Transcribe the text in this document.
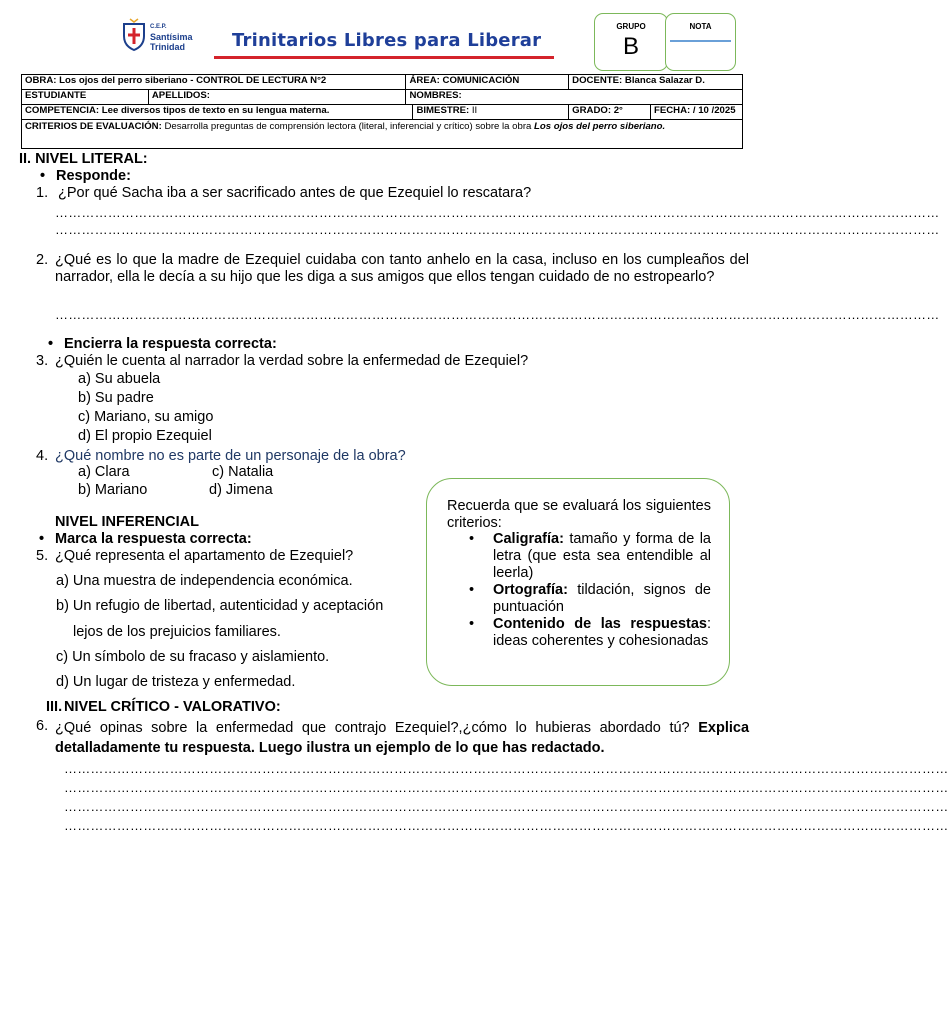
C.E.P.
Santísima
Trinidad	Trinitarios Libres para Liberar
GRUPO
B
NOTA
OBRA: Los ojos del perro siberiano - CONTROL DE LECTURA N°2		ÁREA: COMUNICACIÓN		DOCENTE: Blanca Salazar D.	
ESTUDIANTE	APELLIDOS:	NOMBRES:			
COMPETENCIA: Lee diversos tipos de texto en su lengua materna.			BIMESTRE: II	GRADO: 2°	FECHA: / 10 /2025
CRITERIOS DE EVALUACIÓN: Desarrolla preguntas de comprensión lectora (literal, inferencial y crítico) sobre la obra Los ojos del perro siberiano.					
II. NIVEL LITERAL:
• Responde:
1. ¿Por qué Sacha iba a ser sacrificado antes de que Ezequiel lo rescatara?
…………………………………………………………………………………………………………………………………………………………………………………
…………………………………………………………………………………………………………………………………………………………………………………
2. ¿Qué es lo que la madre de Ezequiel cuidaba con tanto anhelo en la casa, incluso en los cumpleaños del narrador, ella le decía a su hijo que les diga a sus amigos que ellos tengan cuidado de no estropearlo?
…………………………………………………………………………………………………………………………………………………………………………………
• Encierra la respuesta correcta:
3. ¿Quién le cuenta al narrador la verdad sobre la enfermedad de Ezequiel?
a) Su abuela
b) Su padre
c) Mariano, su amigo
d) El propio Ezequiel
4. ¿Qué nombre no es parte de un personaje de la obra?
a) Clara	c) Natalia
b) Mariano	d) Jimena
NIVEL INFERENCIAL
• Marca la respuesta correcta:
5. ¿Qué representa el apartamento de Ezequiel?
a) Una muestra de independencia económica.
b) Un refugio de libertad, autenticidad y aceptación
lejos de los prejuicios familiares.
c) Un símbolo de su fracaso y aislamiento.
d) Un lugar de tristeza y enfermedad.

Recuerda que se evaluará los siguientes criterios:

• Caligrafía: tamaño y forma de la letra (que esta sea entendible al leerla)
• Ortografía: tildación, signos de puntuación
• Contenido de las respuestas: ideas coherentes y cohesionadas
III. NIVEL CRÍTICO - VALORATIVO:
6. ¿Qué opinas sobre la enfermedad que contrajo Ezequiel?,¿cómo lo hubieras abordado tú? Explica detalladamente tu respuesta. Luego ilustra un ejemplo de lo que has redactado.
…………………………………………………………………………………………………………………………………………………………………………………
…………………………………………………………………………………………………………………………………………………………………………………
…………………………………………………………………………………………………………………………………………………………………………………
…………………………………………………………………………………………………………………………………………………………………………………
